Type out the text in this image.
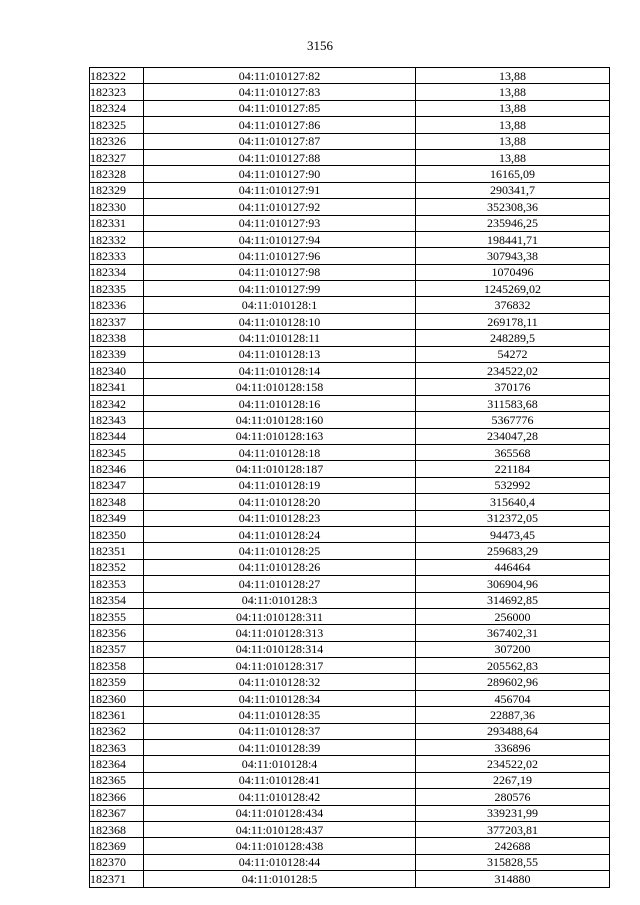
3156
182322	04:11:010127:82	13,88
182323	04:11:010127:83	13,88
182324	04:11:010127:85	13,88
182325	04:11:010127:86	13,88
182326	04:11:010127:87	13,88
182327	04:11:010127:88	13,88
182328	04:11:010127:90	16165,09
182329	04:11:010127:91	290341,7
182330	04:11:010127:92	352308,36
182331	04:11:010127:93	235946,25
182332	04:11:010127:94	198441,71
182333	04:11:010127:96	307943,38
182334	04:11:010127:98	1070496
182335	04:11:010127:99	1245269,02
182336	04:11:010128:1	376832
182337	04:11:010128:10	269178,11
182338	04:11:010128:11	248289,5
182339	04:11:010128:13	54272
182340	04:11:010128:14	234522,02
182341	04:11:010128:158	370176
182342	04:11:010128:16	311583,68
182343	04:11:010128:160	5367776
182344	04:11:010128:163	234047,28
182345	04:11:010128:18	365568
182346	04:11:010128:187	221184
182347	04:11:010128:19	532992
182348	04:11:010128:20	315640,4
182349	04:11:010128:23	312372,05
182350	04:11:010128:24	94473,45
182351	04:11:010128:25	259683,29
182352	04:11:010128:26	446464
182353	04:11:010128:27	306904,96
182354	04:11:010128:3	314692,85
182355	04:11:010128:311	256000
182356	04:11:010128:313	367402,31
182357	04:11:010128:314	307200
182358	04:11:010128:317	205562,83
182359	04:11:010128:32	289602,96
182360	04:11:010128:34	456704
182361	04:11:010128:35	22887,36
182362	04:11:010128:37	293488,64
182363	04:11:010128:39	336896
182364	04:11:010128:4	234522,02
182365	04:11:010128:41	2267,19
182366	04:11:010128:42	280576
182367	04:11:010128:434	339231,99
182368	04:11:010128:437	377203,81
182369	04:11:010128:438	242688
182370	04:11:010128:44	315828,55
182371	04:11:010128:5	314880
